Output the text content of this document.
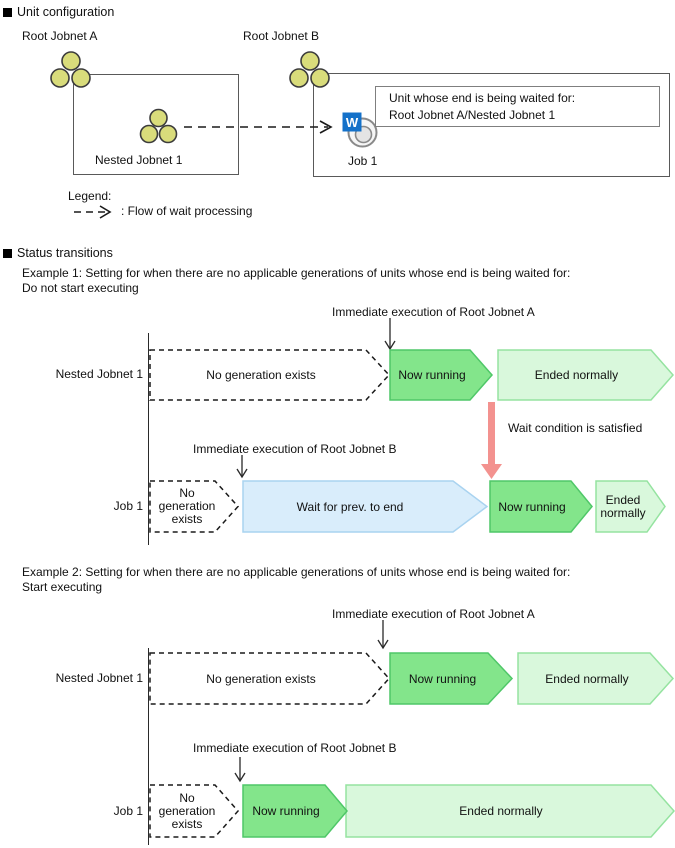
Unit configuration
Root Jobnet A	Root Jobnet B
Nested Jobnet 1
W
Job 1
Unit whose end is being waited for:
Root Jobnet A/Nested Jobnet 1
Legend:
: Flow of wait processing
Status transitions
Example 1: Setting for when there are no applicable generations of units whose end is being waited for:
Do not start executing
Immediate execution of Root Jobnet A
Nested Jobnet 1	No generation exists	Now running	Ended normally
Wait condition is satisfied
Immediate execution of Root Jobnet B
Job 1
No generation exists
Wait for prev. to end	Now running	Ended normally
Example 2: Setting for when there are no applicable generations of units whose end is being waited for:
Start executing
Immediate execution of Root Jobnet A
Nested Jobnet 1	No generation exists	Now running	Ended normally
Immediate execution of Root Jobnet B
Job 1
No generation exists
Now running	Ended normally
